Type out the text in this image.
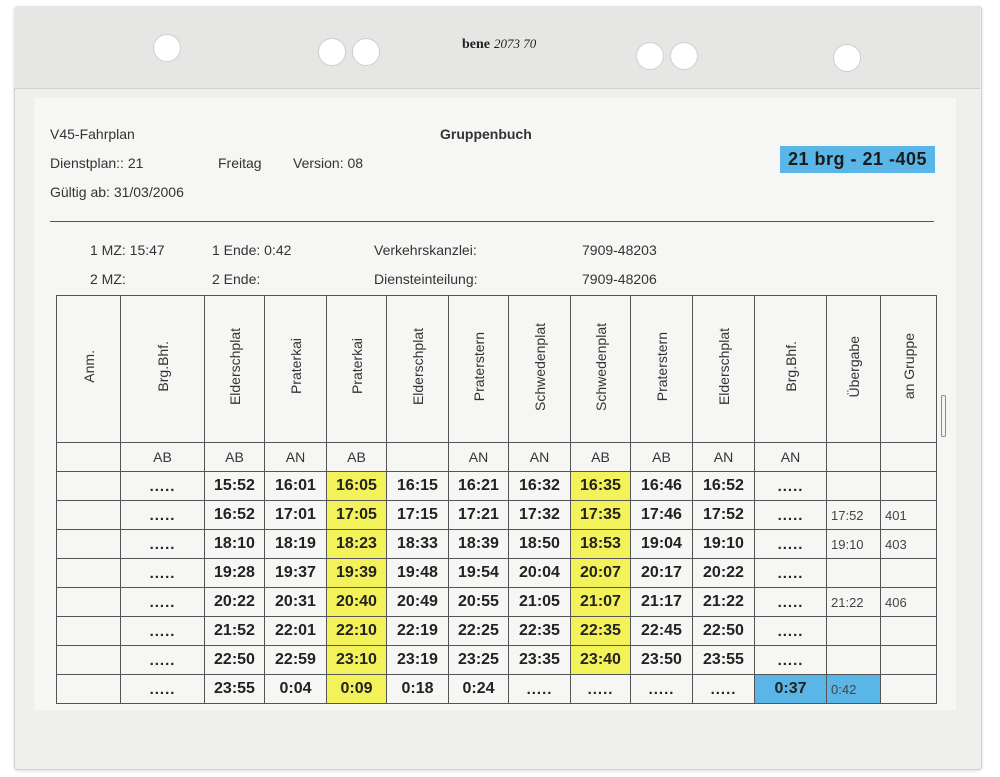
bene 2073 70
V45-Fahrplan	Gruppenbuch
Dienstplan:: 21	Freitag Version: 08
Gültig ab: 31/03/2006
21 brg - 21 -405
1 MZ: 15:47	1 Ende: 0:42	Verkehrskanzlei:	7909-48203
2 MZ:	2 Ende:	Diensteinteilung:	7909-48206
Anm.	Brg.Bhf.	Elderschplat	Praterkai	Praterkai	Elderschplat	Praterstern	Schwedenplat	Schwedenplat	Praterstern	Elderschplat	Brg.Bhf.	Übergabe	an Gruppe
	AB	AB	AN	AB		AN	AN	AB	AB	AN	AN		
	.....	15:52	16:01	16:05	16:15	16:21	16:32	16:35	16:46	16:52	.....		
	.....	16:52	17:01	17:05	17:15	17:21	17:32	17:35	17:46	17:52	.....	17:52	401
	.....	18:10	18:19	18:23	18:33	18:39	18:50	18:53	19:04	19:10	.....	19:10	403
	.....	19:28	19:37	19:39	19:48	19:54	20:04	20:07	20:17	20:22	.....		
	.....	20:22	20:31	20:40	20:49	20:55	21:05	21:07	21:17	21:22	.....	21:22	406
	.....	21:52	22:01	22:10	22:19	22:25	22:35	22:35	22:45	22:50	.....		
	.....	22:50	22:59	23:10	23:19	23:25	23:35	23:40	23:50	23:55	.....		
	.....	23:55	0:04	0:09	0:18	0:24	.....	.....	.....	.....	0:37	0:42	
